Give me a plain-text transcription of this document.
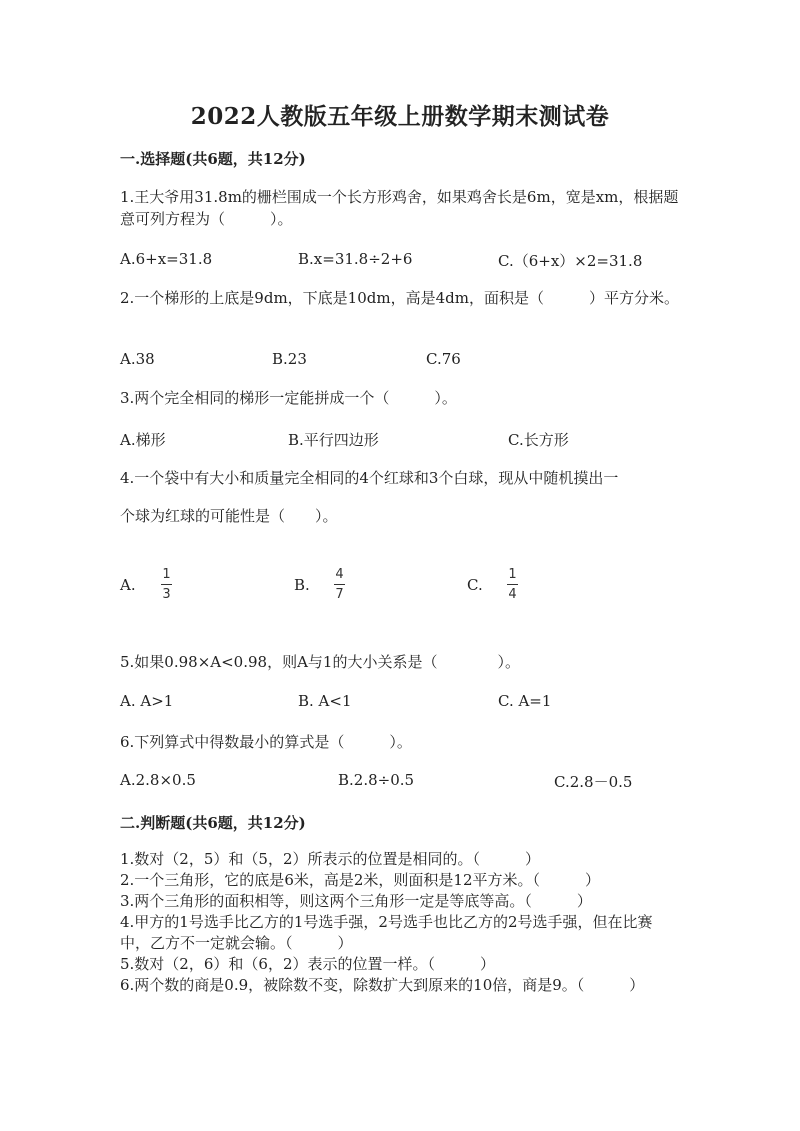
2022人教版五年级上册数学期末测试卷
一.选择题(共6题，共12分)
1.王大爷用31.8m的栅栏围成一个长方形鸡舍，如果鸡舍长是6m，宽是xm，根据题意可列方程为（　　　）。
A.6+x=31.8	B.x=31.8÷2+6	C.（6+x）×2=31.8
2.一个梯形的上底是9dm，下底是10dm，高是4dm，面积是（　　　）平方分米。
A.38	B.23	C.76
3.两个完全相同的梯形一定能拼成一个（　　　）。
A.梯形	B.平行四边形	C.长方形
4.一个袋中有大小和质量完全相同的4个红球和3个白球，现从中随机摸出一
个球为红球的可能性是（　　）。
A.
1
3
B.
4
7
C.
1
4
5.如果0.98×A<0.98，则A与1的大小关系是（　　　　）。
A. A>1	B. A<1	C. A=1
6.下列算式中得数最小的算式是（　　　）。
A.2.8×0.5	B.2.8÷0.5	C.2.8－0.5
二.判断题(共6题，共12分)
1.数对（2，5）和（5，2）所表示的位置是相同的。（　　　）
2.一个三角形，它的底是6米，高是2米，则面积是12平方米。（　　　）
3.两个三角形的面积相等，则这两个三角形一定是等底等高。（　　　）
4.甲方的1号选手比乙方的1号选手强，2号选手也比乙方的2号选手强，但在比赛中，乙方不一定就会输。（　　　）
5.数对（2，6）和（6，2）表示的位置一样。（　　　）
6.两个数的商是0.9，被除数不变，除数扩大到原来的10倍，商是9。（　　　）
